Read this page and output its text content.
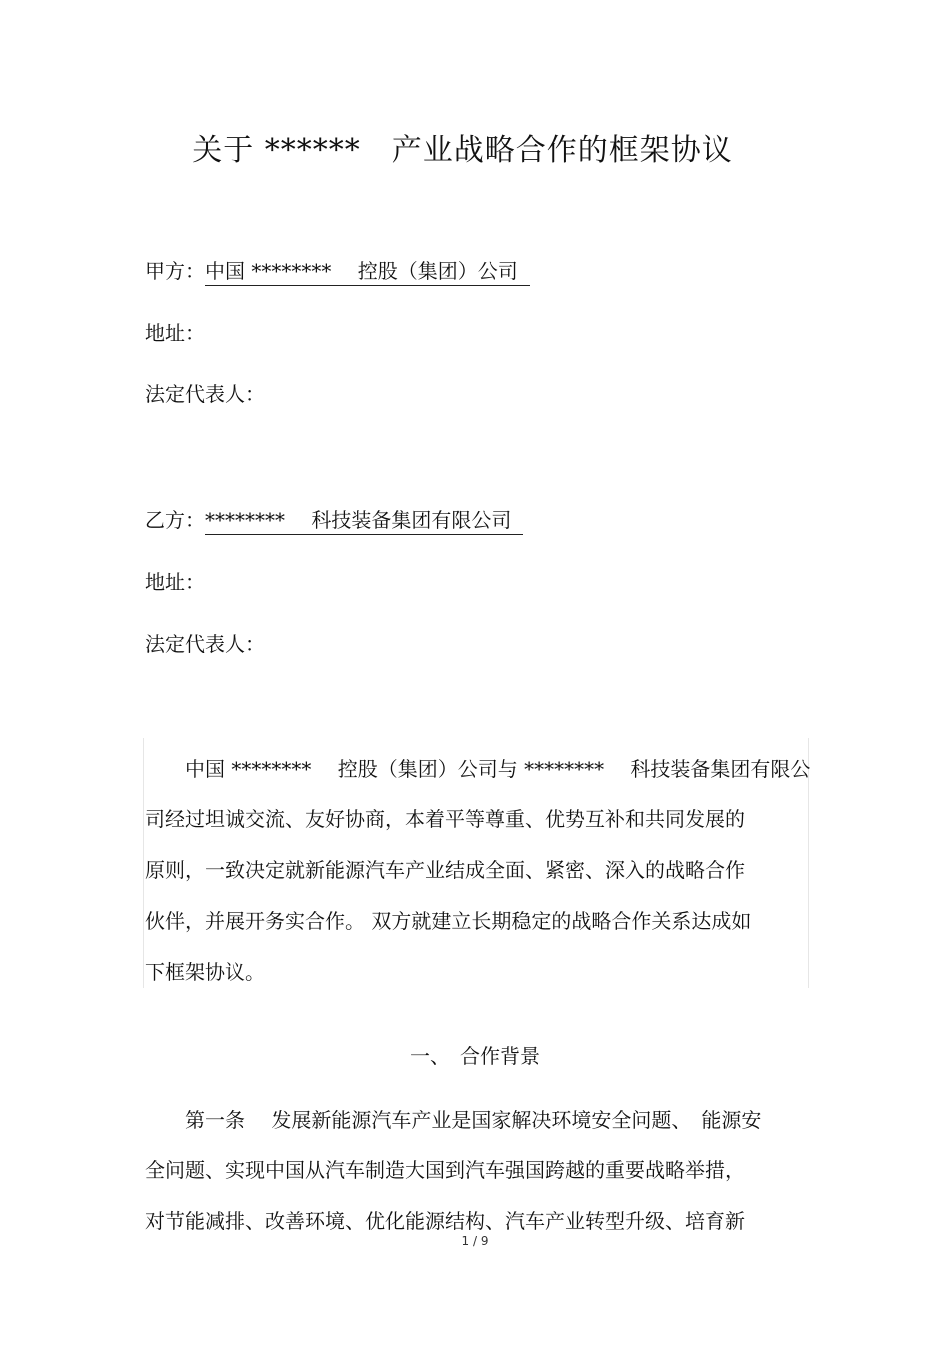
关于 ******　产业战略合作的框架协议
甲方：中国 ********　 控股（集团）公司
地址：
法定代表人：
乙方：********　 科技装备集团有限公司
地址：
法定代表人：
　　中国 ********　 控股（集团）公司与 ********　 科技装备集团有限公
司经过坦诚交流、友好协商，本着平等尊重、优势互补和共同发展的
原则，一致决定就新能源汽车产业结成全面、紧密、深入的战略合作
伙伴，并展开务实合作。 双方就建立长期稳定的战略合作关系达成如
下框架协议。
一、　合作背景
　　第一条　 发展新能源汽车产业是国家解决环境安全问题、　能源安
全问题、实现中国从汽车制造大国到汽车强国跨越的重要战略举措，
对节能减排、改善环境、优化能源结构、汽车产业转型升级、培育新
1 / 9
